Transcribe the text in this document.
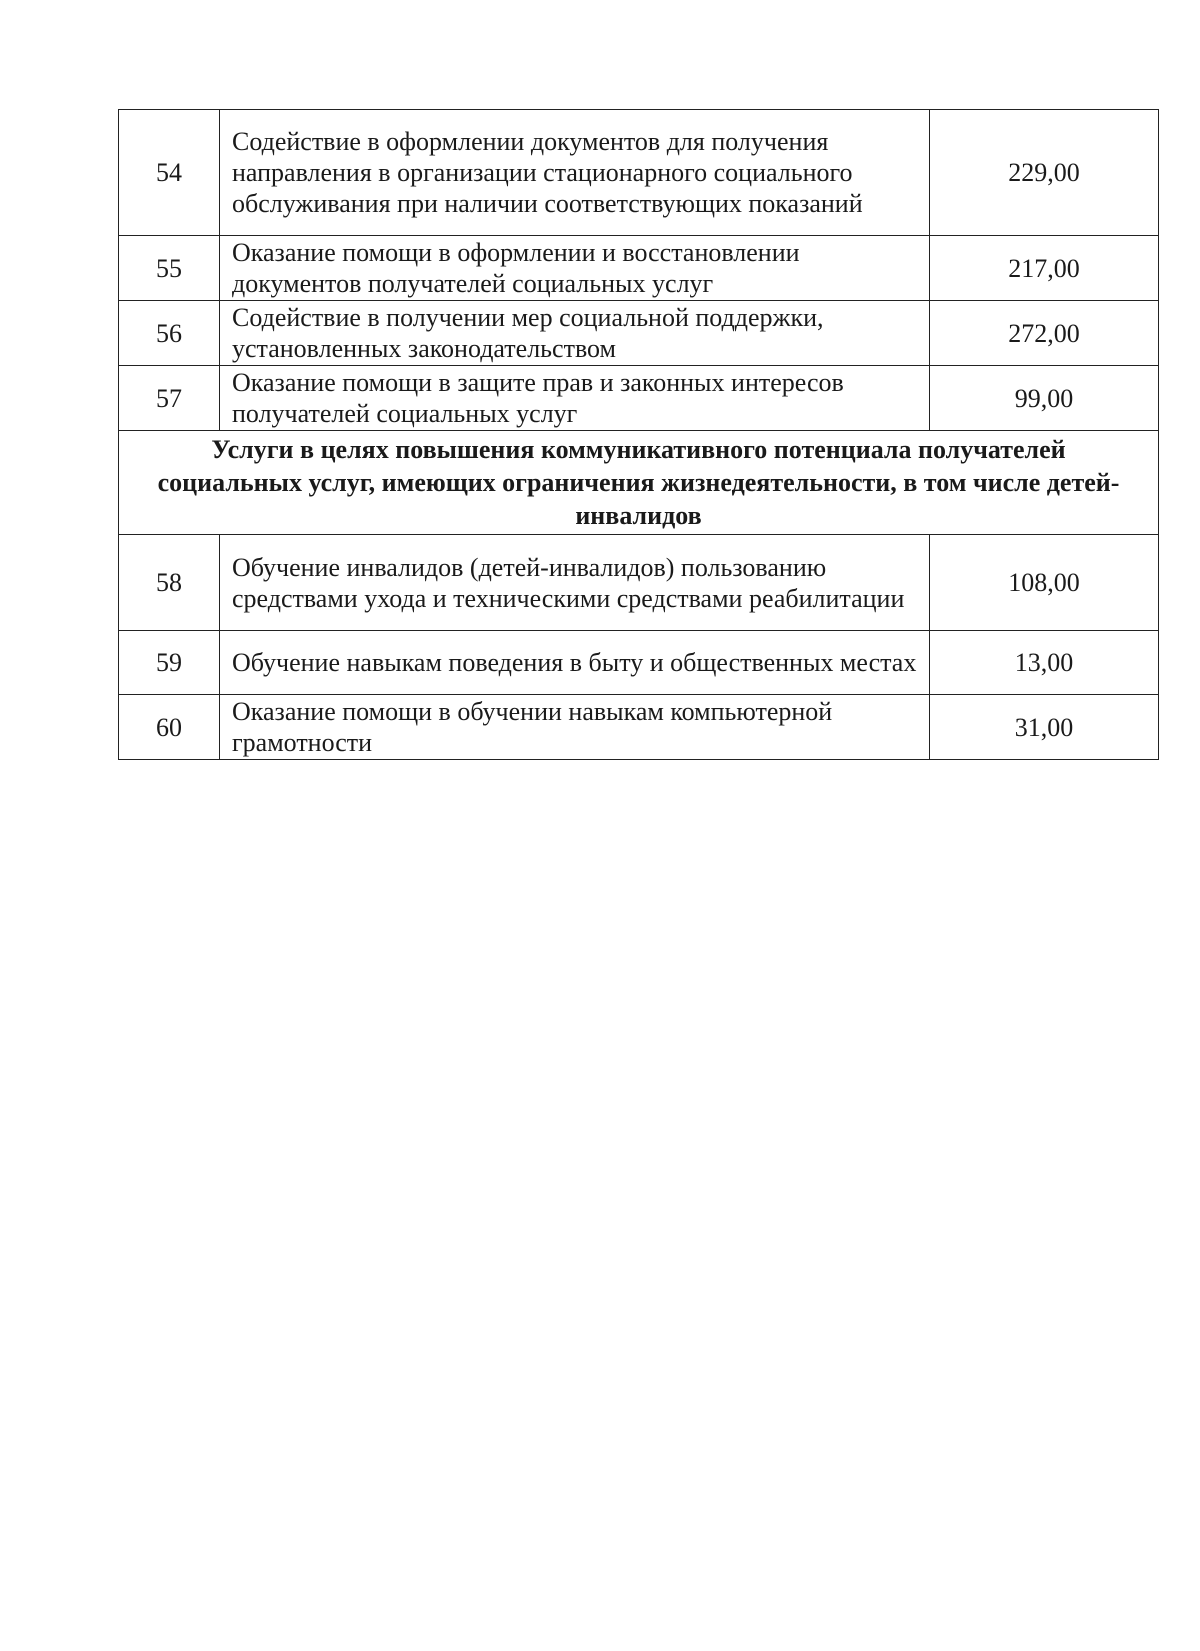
54	Содействие в оформлении документов для получения направления в организации стационарного социального обслуживания при наличии соответствующих показаний	229,00
55	Оказание помощи в оформлении и восстановлении документов получателей социальных услуг	217,00
56	Содействие в получении мер социальной поддержки, установленных законодательством	272,00
57	Оказание помощи в защите прав и законных интересов получателей социальных услуг	99,00
Услуги в целях повышения коммуникативного потенциала получателей социальных услуг, имеющих ограничения жизнедеятельности, в том числе детей-инвалидов		
58	Обучение инвалидов (детей-инвалидов) пользованию средствами ухода и техническими средствами реабилитации	108,00
59	Обучение навыкам поведения в быту и общественных местах	13,00
60	Оказание помощи в обучении навыкам компьютерной грамотности	31,00
